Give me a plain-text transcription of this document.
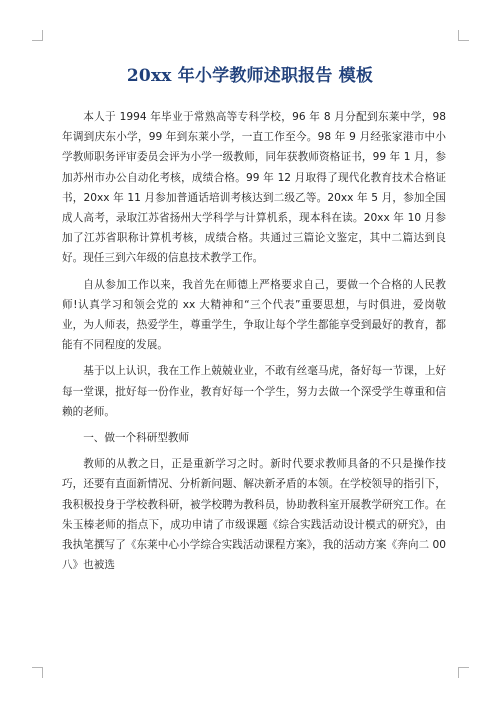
20xx 年小学教师述职报告 模板

本人于 1994 年毕业于常熟高等专科学校，96 年 8 月分配到东莱中学，98 年调到庆东小学，99 年到东莱小学，一直工作至今。98 年 9 月经张家港市中小学教师职务评审委员会评为小学一级教师，同年获教师资格证书，99 年 1 月，参加苏州市办公自动化考核，成绩合格。99 年 12 月取得了现代化教育技术合格证书，20xx 年 11 月参加普通话培训考核达到二级乙等。20xx 年 5 月，参加全国成人高考，录取江苏省扬州大学科学与计算机系，现本科在读。20xx 年 10 月参加了江苏省职称计算机考核，成绩合格。共通过三篇论文鉴定，其中二篇达到良好。现任三到六年级的信息技术教学工作。

自从参加工作以来，我首先在师德上严格要求自己，要做一个合格的人民教师!认真学习和领会党的 xx 大精神和“三个代表”重要思想，与时俱进，爱岗敬业，为人师表，热爱学生，尊重学生，争取让每个学生都能享受到最好的教育，都能有不同程度的发展。

基于以上认识，我在工作上兢兢业业，不敢有丝毫马虎，备好每一节课，上好每一堂课，批好每一份作业，教育好每一个学生，努力去做一个深受学生尊重和信赖的老师。

一、做一个科研型教师

教师的从教之日，正是重新学习之时。新时代要求教师具备的不只是操作技巧，还要有直面新情况、分析新问题、解决新矛盾的本领。在学校领导的指引下，我积极投身于学校教科研，被学校聘为教科员，协助教科室开展教学研究工作。在朱玉榛老师的指点下，成功申请了市级课题《综合实践活动设计模式的研究》，由我执笔撰写了《东莱中心小学综合实践活动课程方案》，我的活动方案《奔向二 00 八》也被选
